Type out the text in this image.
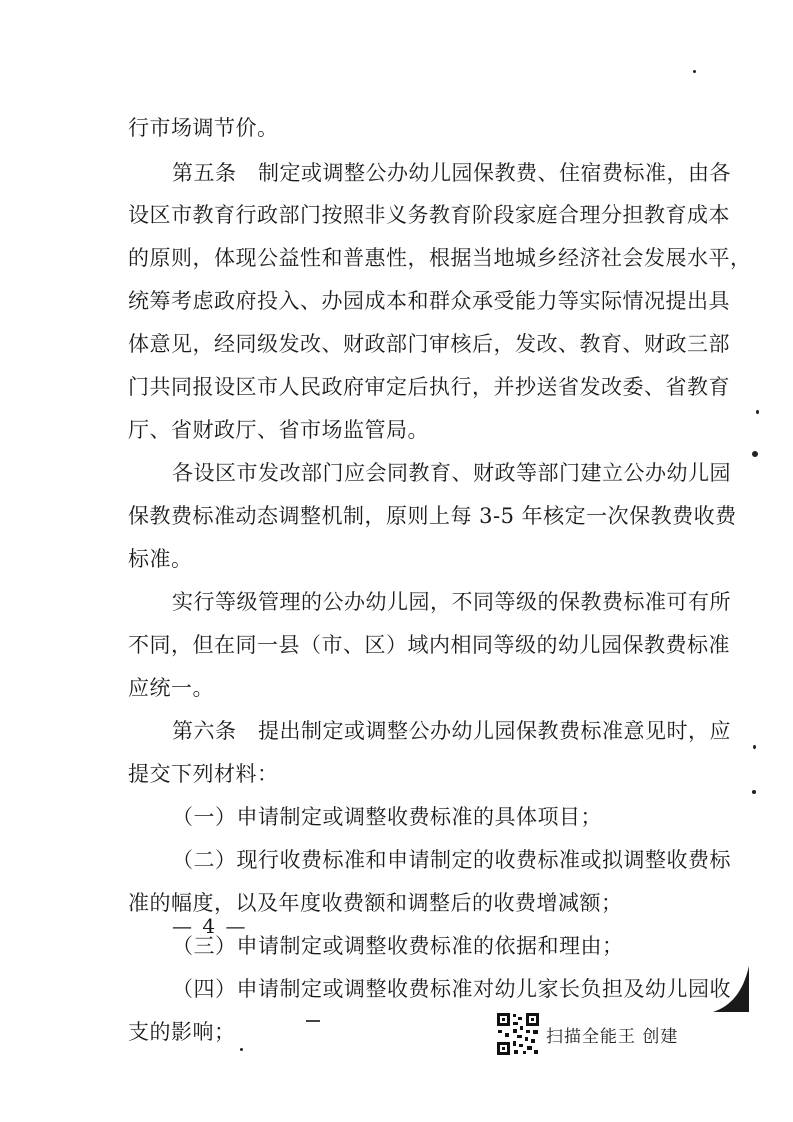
行市场调节价。
第五条　制定或调整公办幼儿园保教费、住宿费标准，由各
设区市教育行政部门按照非义务教育阶段家庭合理分担教育成本
的原则，体现公益性和普惠性，根据当地城乡经济社会发展水平，
统筹考虑政府投入、办园成本和群众承受能力等实际情况提出具
体意见，经同级发改、财政部门审核后，发改、教育、财政三部
门共同报设区市人民政府审定后执行，并抄送省发改委、省教育
厅、省财政厅、省市场监管局。
各设区市发改部门应会同教育、财政等部门建立公办幼儿园
保教费标准动态调整机制，原则上每 3-5 年核定一次保教费收费
标准。
实行等级管理的公办幼儿园，不同等级的保教费标准可有所
不同，但在同一县（市、区）域内相同等级的幼儿园保教费标准
应统一。
第六条　提出制定或调整公办幼儿园保教费标准意见时，应
提交下列材料：
（一）申请制定或调整收费标准的具体项目；
（二）现行收费标准和申请制定的收费标准或拟调整收费标
准的幅度，以及年度收费额和调整后的收费增减额；
（三）申请制定或调整收费标准的依据和理由；
（四）申请制定或调整收费标准对幼儿家长负担及幼儿园收
支的影响；
— 4 —
扫描全能王 创建
